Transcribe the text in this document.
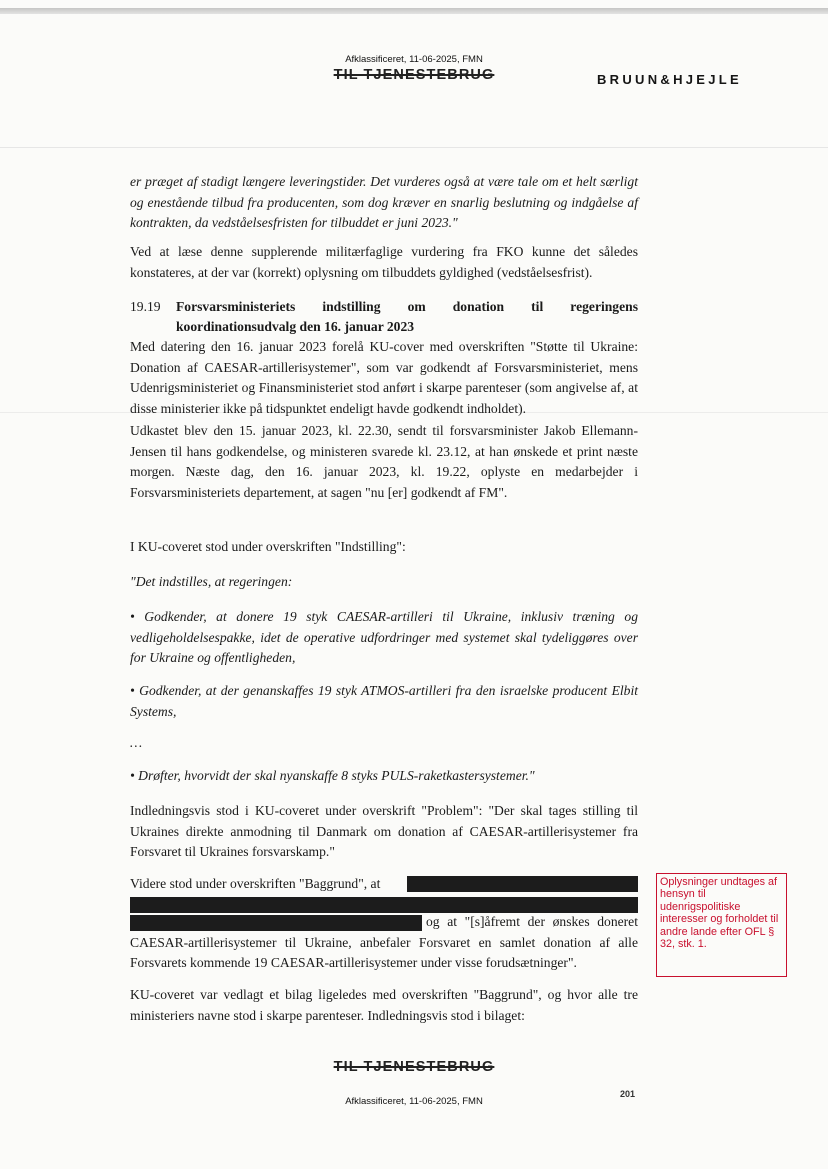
Afklassificeret, 11-06-2025, FMN
TIL TJENESTEBRUG	BRUUN&HJEJLE
er præget af stadigt længere leveringstider. Det vurderes også at være tale om et helt særligt og enestående tilbud fra producenten, som dog kræver en snarlig beslutning og indgåelse af kontrakten, da vedståelsesfristen for tilbuddet er juni 2023."
Ved at læse denne supplerende militærfaglige vurdering fra FKO kunne det således konstateres, at der var (korrekt) oplysning om tilbuddets gyldighed (vedståelsesfrist).
19.19 Forsvarsministeriets indstilling om donation til regeringens koordinationsudvalg den 16. januar 2023
Med datering den 16. januar 2023 forelå KU-cover med overskriften "Støtte til Ukraine: Donation af CAESAR-artillerisystemer", som var godkendt af Forsvarsministeriet, mens Udenrigsministeriet og Finansministeriet stod anført i skarpe parenteser (som angivelse af, at disse ministerier ikke på tidspunktet endeligt havde godkendt indholdet).
Udkastet blev den 15. januar 2023, kl. 22.30, sendt til forsvarsminister Jakob Ellemann-Jensen til hans godkendelse, og ministeren svarede kl. 23.12, at han ønskede et print næste morgen. Næste dag, den 16. januar 2023, kl. 19.22, oplyste en medarbejder i Forsvarsministeriets departement, at sagen "nu [er] godkendt af FM".
I KU-coveret stod under overskriften "Indstilling":
"Det indstilles, at regeringen:
• Godkender, at donere 19 styk CAESAR-artilleri til Ukraine, inklusiv træning og vedligeholdelsespakke, idet de operative udfordringer med systemet skal tydeliggøres over for Ukraine og offentligheden,
• Godkender, at der genanskaffes 19 styk ATMOS-artilleri fra den israelske producent Elbit Systems,
…
• Drøfter, hvorvidt der skal nyanskaffe 8 styks PULS-raketkastersystemer."
Indledningsvis stod i KU-coveret under overskrift "Problem": "Der skal tages stilling til Ukraines direkte anmodning til Danmark om donation af CAESAR-artillerisystemer fra Forsvaret til Ukraines forsvarskamp."
Videre stod under overskriften "Baggrund", at
og at "[s]åfremt der ønskes doneret CAESAR-artillerisystemer til Ukraine, anbefaler Forsvaret en samlet donation af alle Forsvarets kommende 19 CAESAR-artillerisystemer under visse forudsætninger".
Oplysninger undtages af hensyn til udenrigspolitiske interesser og forholdet til andre lande efter OFL § 32, stk. 1.
KU-coveret var vedlagt et bilag ligeledes med overskriften "Baggrund", og hvor alle tre ministeriers navne stod i skarpe parenteser. Indledningsvis stod i bilaget:
TIL TJENESTEBRUG
201
Afklassificeret, 11-06-2025, FMN
